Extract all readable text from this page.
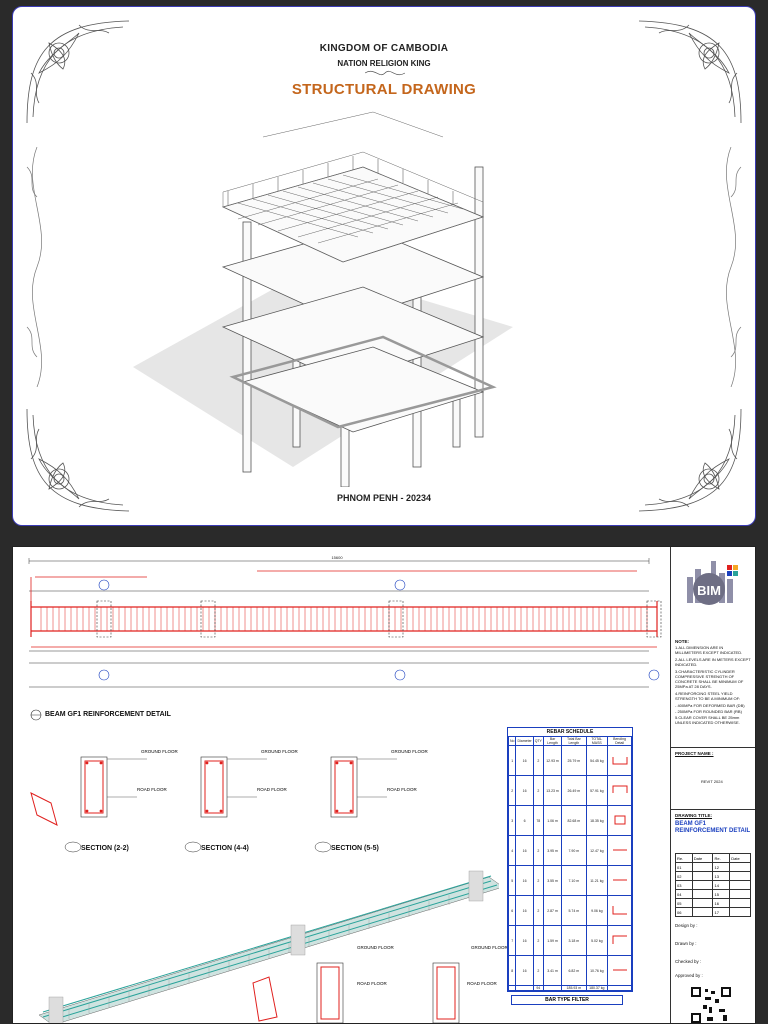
KINGDOM OF CAMBODIA
NATION RELIGION KING
STRUCTURAL DRAWING
PHNOM PENH - 20234
15600
BEAM GF1 REINFORCEMENT DETAIL
GROUND FLOOR
ROAD FLOOR
GROUND FLOOR
ROAD FLOOR
GROUND FLOOR
ROAD FLOOR
SECTION (2-2)	SECTION (4-4)	SECTION (5-5)
GROUND FLOOR
ROAD FLOOR
GROUND FLOOR
ROAD FLOOR
REBAR SCHEDULE
No	Diameter	QTY	Bar Length	Total Bar Length	TOTAL MASS	Bending Detail
1	16	2	12.93 m	25.79 m	54.45 kg	
2	16	2	13.23 m	26.49 m	57.91 kg	
3	6	78	1.06 m	82.68 m	18.35 kg	
4	16	2	3.95 m	7.90 m	12.47 kg	
5	16	2	3.55 m	7.10 m	11.21 kg	
6	16	2	2.87 m	5.74 m	9.06 kg	
7	16	2	1.59 m	3.18 m	5.02 kg	
8	16	2	3.41 m	6.82 m	10.76 kg	
		94		185.93 m	180.37 kg	
BAR TYPE FILTER
BIM
NOTE:
1.ALL DIMENSION ARE IN MILLIMETERS EXCEPT INDICATED.
2.ALL LEVELS ARE IN METERS EXCEPT INDICATED.
3.CHARACTERISTIC CYLINDER COMPRESSIVE STRENGTH OF CONCRETE SHALL BE MINIMUM OF 25MPa AT 28 DAYS.
4.REINFORCING STEEL YIELD STRENGTH TO BE A MINIMUM OF:
- 400MPa FOR DEFORMED BAR (DB)
- 250MPa FOR ROUNDED BAR (RB)
5.CLEAR COVER SHALL BE 25mm UNLESS INDICATED OTHERWISE.
PROJECT NAME :
REVIT 2024
DRAWING TITLE:
BEAM GF1 REINFORCEMENT DETAIL
Re.	Date	Re.	Date
01		12	
02		13	
03		14	
04		15	
05		16	
06		17	
Design by :
Drawn by :
Checked by :
Approved by :
